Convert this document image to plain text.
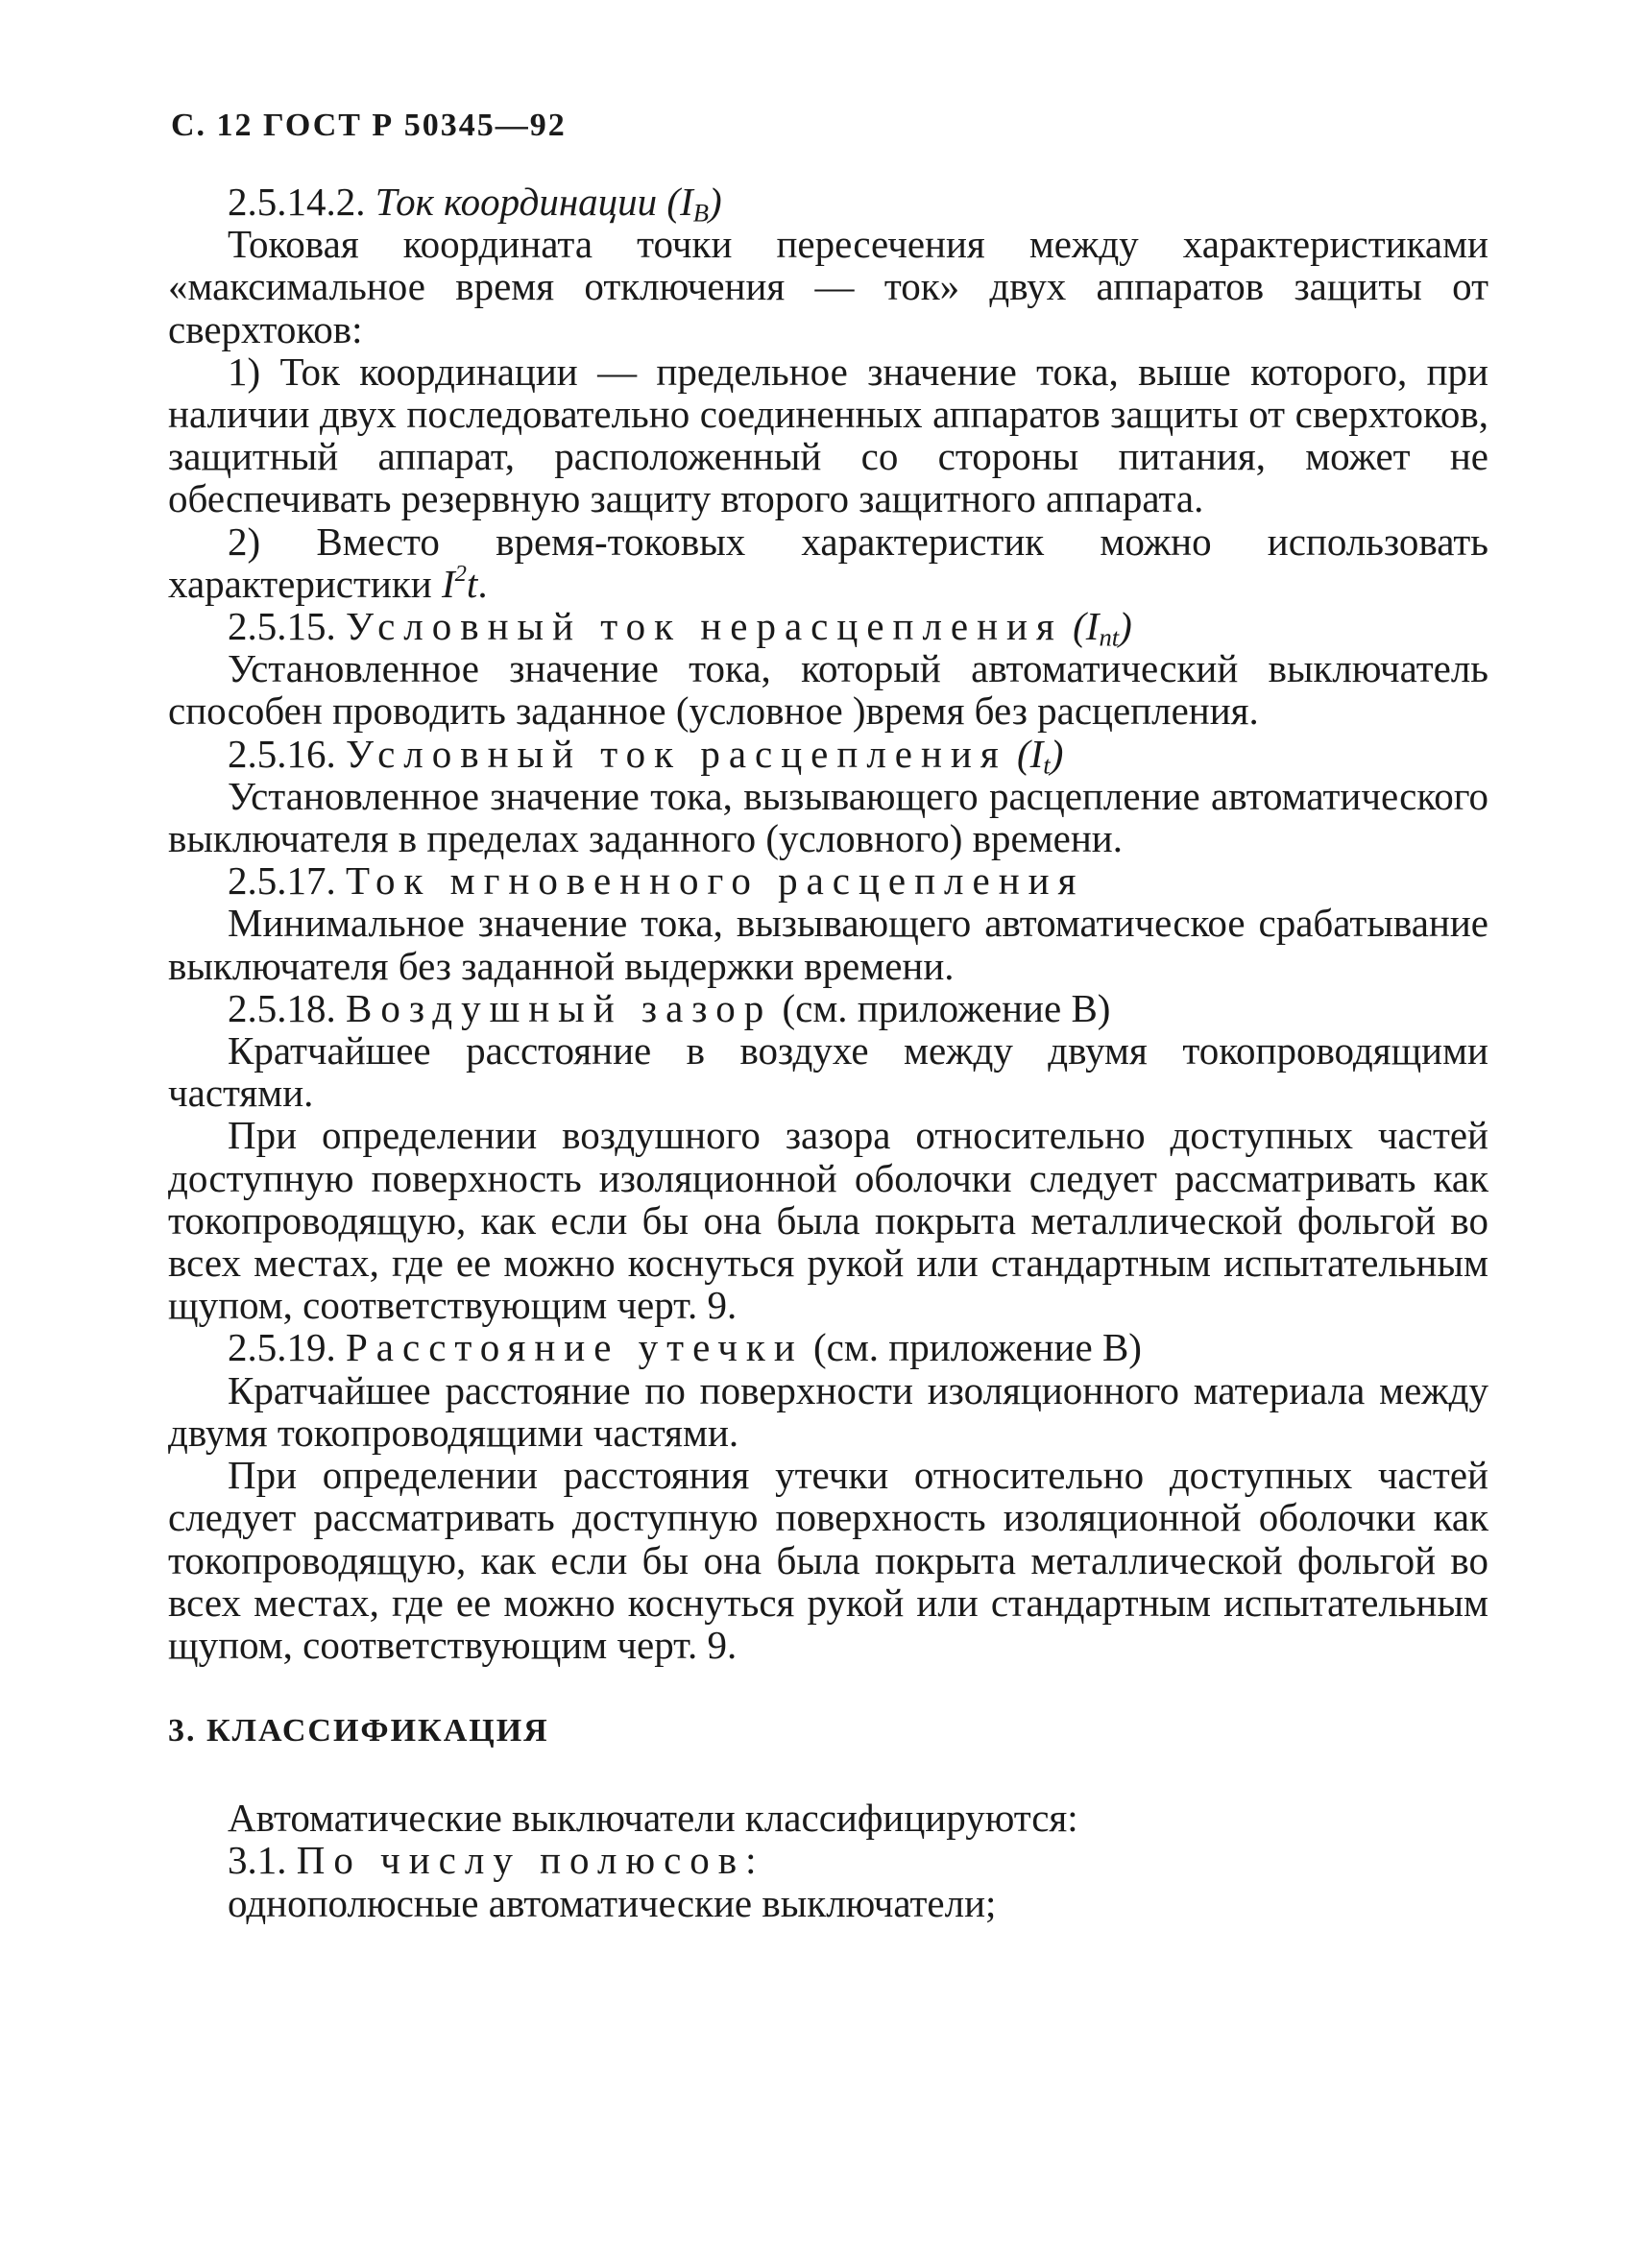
С. 12 ГОСТ Р 50345—92

2.5.14.2. Ток координации $(I_B)$

Токовая координата точки пересечения между характеристиками «максимальное время отключения — ток» двух аппаратов защиты от сверхтоков:

1) Ток координации — предельное значение тока, выше которого, при наличии двух последовательно соединенных аппаратов защиты от сверхтоков, защитный аппарат, расположенный со стороны питания, может не обеспечивать резервную защиту второго защитного аппарата.

2) Вместо время-токовых характеристик можно использовать характеристики $I^2t$.

2.5.15. Условный ток нерасцепления $(I_{nt})$

Установленное значение тока, который автоматический выключатель способен проводить заданное (условное )время без расцепления.

2.5.16. Условный ток расцепления $(I_t)$

Установленное значение тока, вызывающего расцепление автоматического выключателя в пределах заданного (условного) времени.

2.5.17. Ток мгновенного расцепления

Минимальное значение тока, вызывающего автоматическое срабатывание выключателя без заданной выдержки времени.

2.5.18. Воздушный зазор (см. приложение В)

Кратчайшее расстояние в воздухе между двумя токопроводящими частями.

При определении воздушного зазора относительно доступных частей доступную поверхность изоляционной оболочки следует рассматривать как токопроводящую, как если бы она была покрыта металлической фольгой во всех местах, где ее можно коснуться рукой или стандартным испытательным щупом, соответствующим черт. 9.

2.5.19. Расстояние утечки (см. приложение В)

Кратчайшее расстояние по поверхности изоляционного материала между двумя токопроводящими частями.

При определении расстояния утечки относительно доступных частей следует рассматривать доступную поверхность изоляционной оболочки как токопроводящую, как если бы она была покрыта металлической фольгой во всех местах, где ее можно коснуться рукой или стандартным испытательным щупом, соответствующим черт. 9.

3. КЛАССИФИКАЦИЯ

Автоматические выключатели классифицируются:

3.1. По числу полюсов:

однополюсные автоматические выключатели;
